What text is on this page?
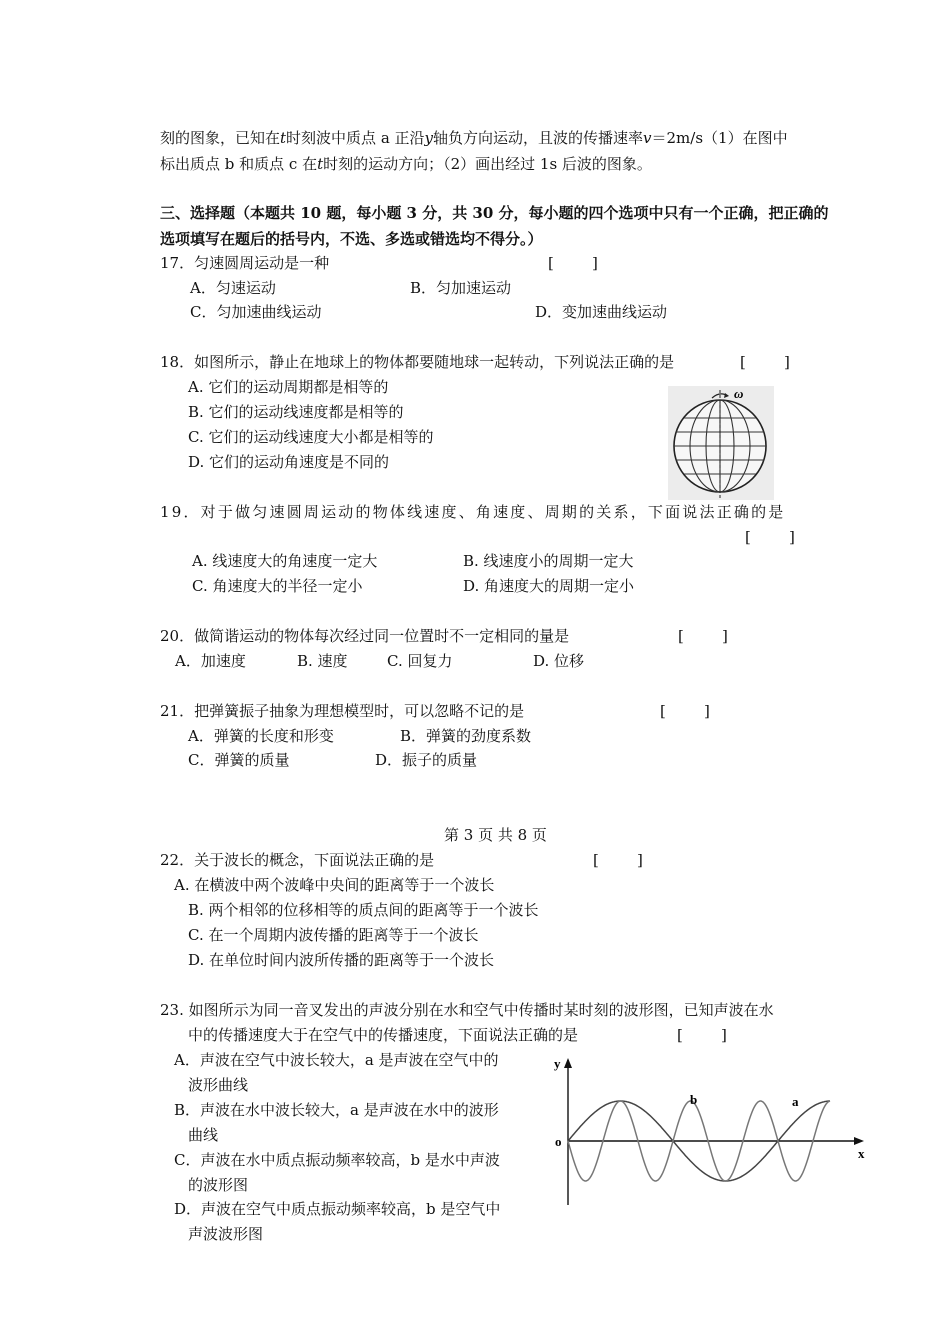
刻的图象，已知在t时刻波中质点 a 正沿y轴负方向运动，且波的传播速率v＝2m/s（1）在图中
标出质点 b 和质点 c 在t时刻的运动方向；（2）画出经过 1s 后波的图象。
三、选择题（本题共 10 题，每小题 3 分，共 30 分，每小题的四个选项中只有一个正确，把正确的
选项填写在题后的括号内，不选、多选或错选均不得分。）
17．匀速圆周运动是一种	[        ]
A．匀速运动	B．匀加速运动
C．匀加速曲线运动	D．变加速曲线运动
18．如图所示，静止在地球上的物体都要随地球一起转动，下列说法正确的是	[        ]
A. 它们的运动周期都是相等的
B. 它们的运动线速度都是相等的
C. 它们的运动线速度大小都是相等的
D. 它们的运动角速度是不同的
ω
19．对于做匀速圆周运动的物体线速度、角速度、周期的关系，下面说法正确的是
[        ]
A. 线速度大的角速度一定大	B. 线速度小的周期一定大
C. 角速度大的半径一定小	D. 角速度大的周期一定小
20．做简谐运动的物体每次经过同一位置时不一定相同的量是	[        ]
A．加速度	B. 速度	C. 回复力	D. 位移
21．把弹簧振子抽象为理想模型时，可以忽略不记的是	[        ]
A．弹簧的长度和形变	B．弹簧的劲度系数
C．弹簧的质量	D．振子的质量
第 3 页 共 8 页
22．关于波长的概念，下面说法正确的是	[        ]
A. 在横波中两个波峰中央间的距离等于一个波长
B. 两个相邻的位移相等的质点间的距离等于一个波长
C. 在一个周期内波传播的距离等于一个波长
D. 在单位时间内波所传播的距离等于一个波长
23. 如图所示为同一音叉发出的声波分别在水和空气中传播时某时刻的波形图，已知声波在水
中的传播速度大于在空气中的传播速度，下面说法正确的是	[        ]
A．声波在空气中波长较大，a 是声波在空气中的
波形曲线
B．声波在水中波长较大，a 是声波在水中的波形
曲线
C．声波在水中质点振动频率较高，b 是水中声波
的波形图
D．声波在空气中质点振动频率较高，b 是空气中
声波波形图
y
x
o
b	a
